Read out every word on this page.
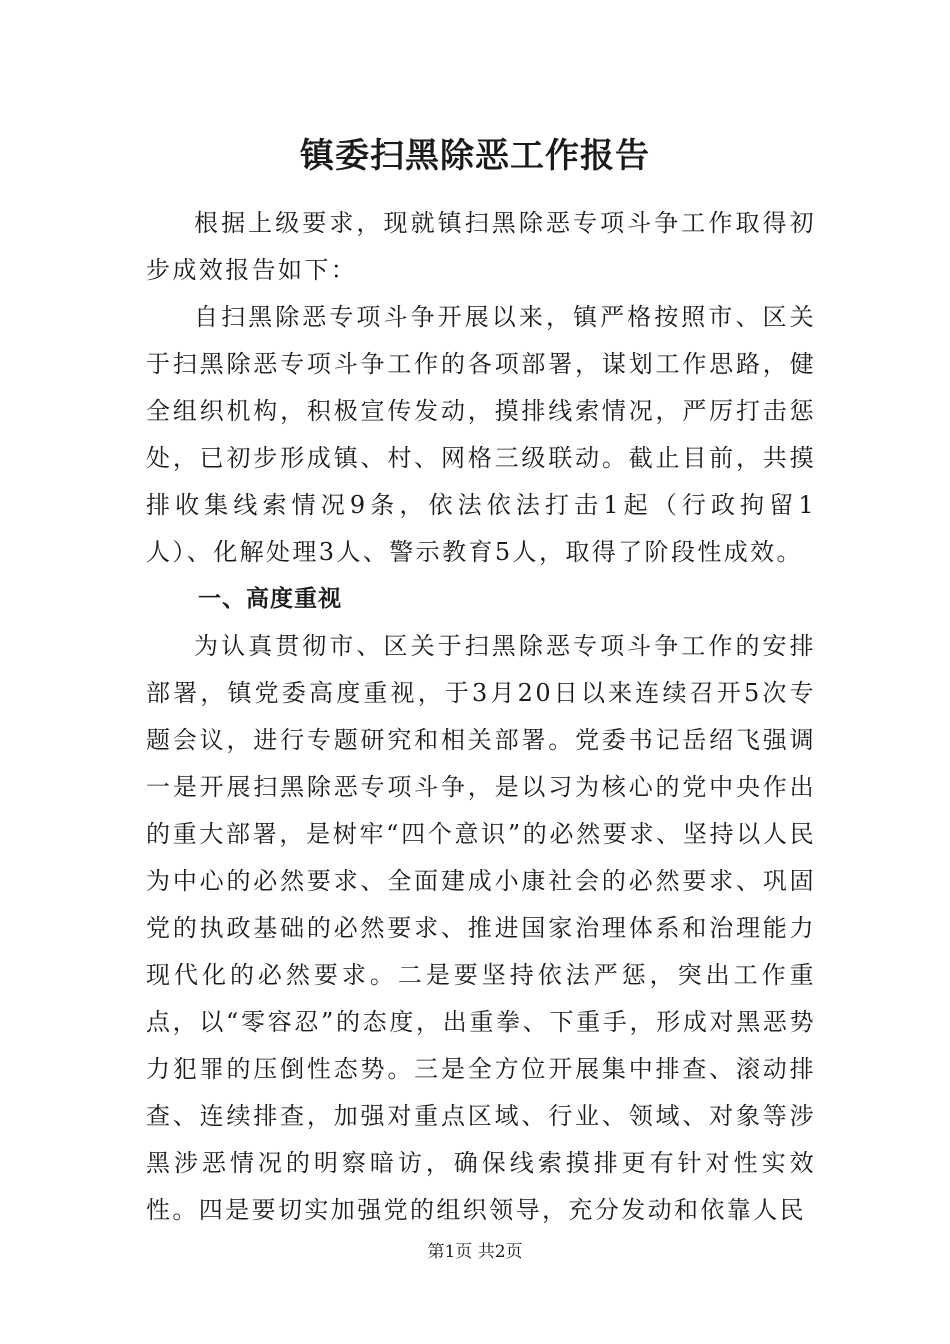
镇委扫黑除恶工作报告

根据上级要求，现就镇扫黑除恶专项斗争工作取得初步成效报告如下：

自扫黑除恶专项斗争开展以来，镇严格按照市、区关于扫黑除恶专项斗争工作的各项部署，谋划工作思路，健全组织机构，积极宣传发动，摸排线索情况，严厉打击惩处，已初步形成镇、村、网格三级联动。截止目前，共摸排收集线索情况9条，依法依法打击1起（行政拘留1人）、化解处理3人、警示教育5人，取得了阶段性成效。

一、高度重视

为认真贯彻市、区关于扫黑除恶专项斗争工作的安排部署，镇党委高度重视，于3月20日以来连续召开5次专题会议，进行专题研究和相关部署。党委书记岳绍飞强调一是开展扫黑除恶专项斗争，是以习为核心的党中央作出的重大部署，是树牢“四个意识”的必然要求、坚持以人民为中心的必然要求、全面建成小康社会的必然要求、巩固党的执政基础的必然要求、推进国家治理体系和治理能力现代化的必然要求。二是要坚持依法严惩，突出工作重点，以“零容忍”的态度，出重拳、下重手，形成对黑恶势力犯罪的压倒性态势。三是全方位开展集中排查、滚动排查、连续排查，加强对重点区域、行业、领域、对象等涉黑涉恶情况的明察暗访，确保线索摸排更有针对性实效性。四是要切实加强党的组织领导，充分发动和依靠人民

第1页 共2页
